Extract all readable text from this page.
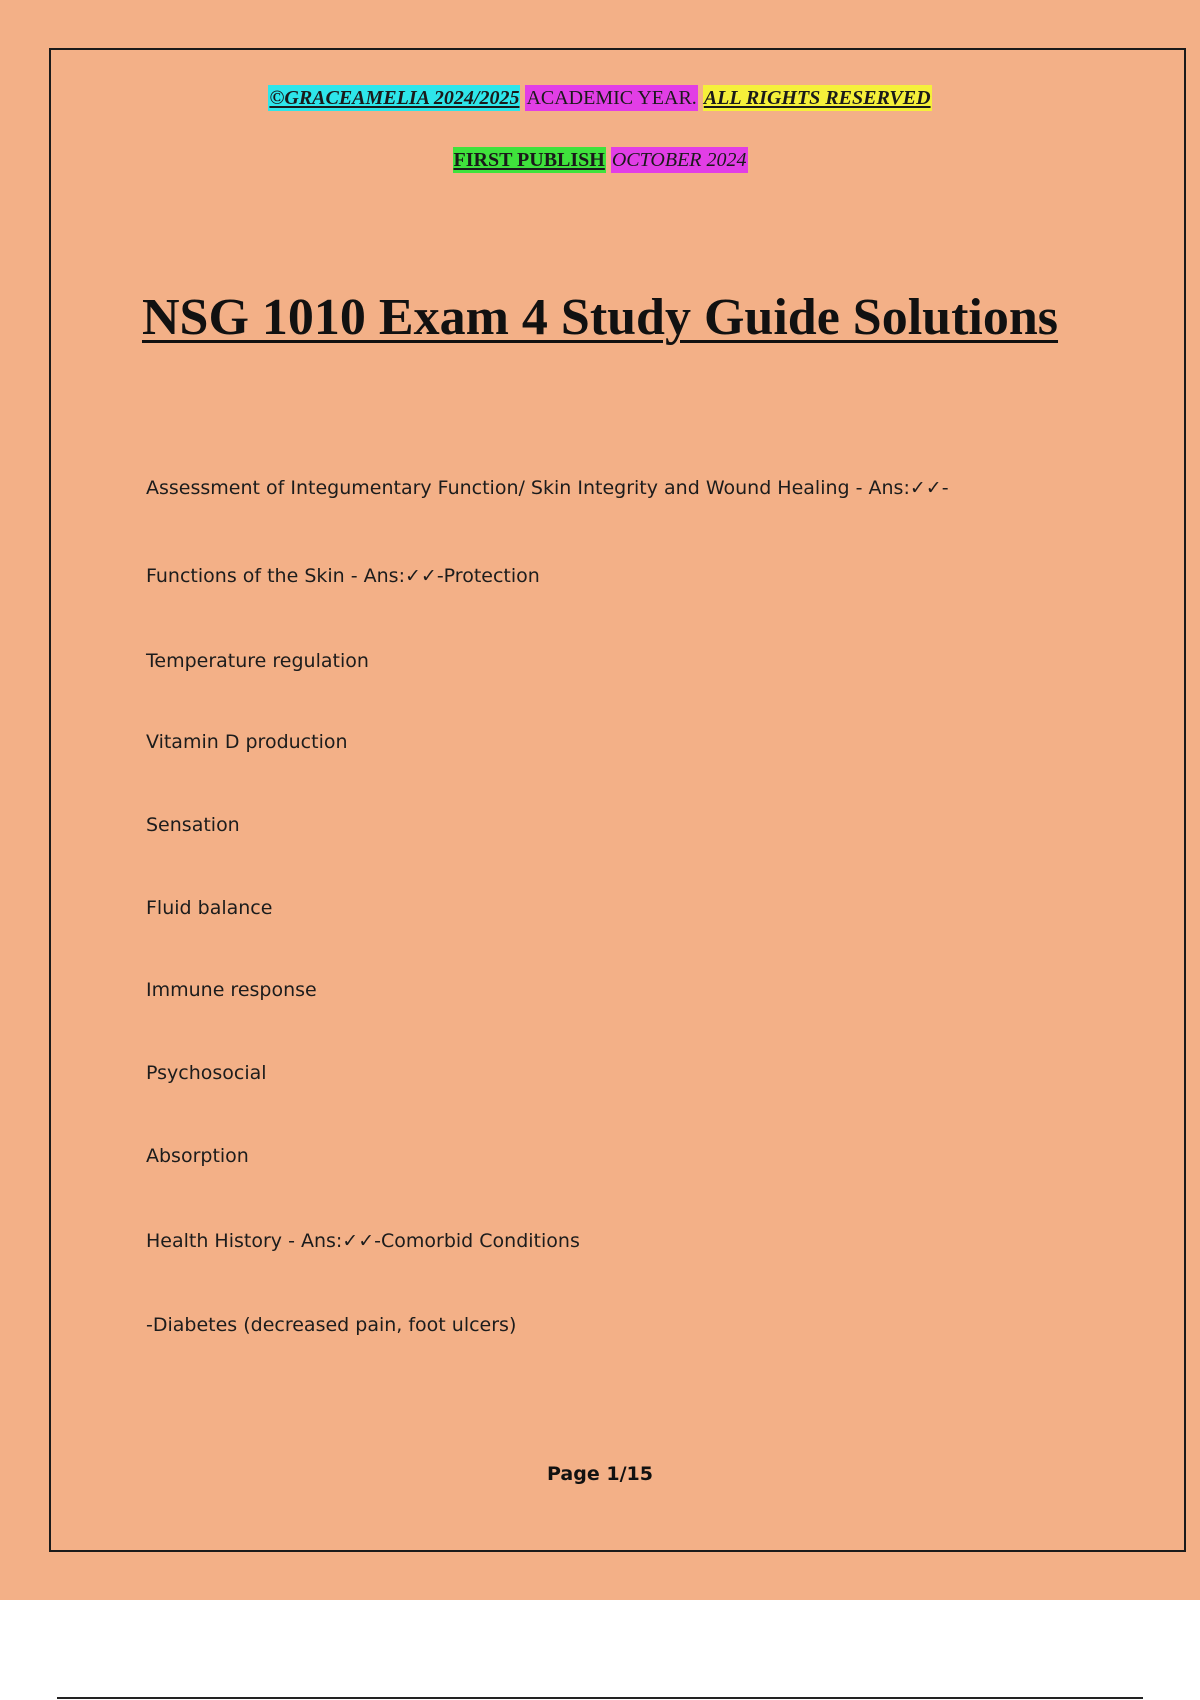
©GRACEAMELIA 2024/2025 ACADEMIC YEAR. ALL RIGHTS RESERVED
FIRST PUBLISH OCTOBER 2024
NSG 1010 Exam 4 Study Guide Solutions
Assessment of Integumentary Function/ Skin Integrity and Wound Healing - Ans:✓✓-
Functions of the Skin - Ans:✓✓-Protection
Temperature regulation
Vitamin D production
Sensation
Fluid balance
Immune response
Psychosocial
Absorption
Health History - Ans:✓✓-Comorbid Conditions
-Diabetes (decreased pain, foot ulcers)
Page 1/15
